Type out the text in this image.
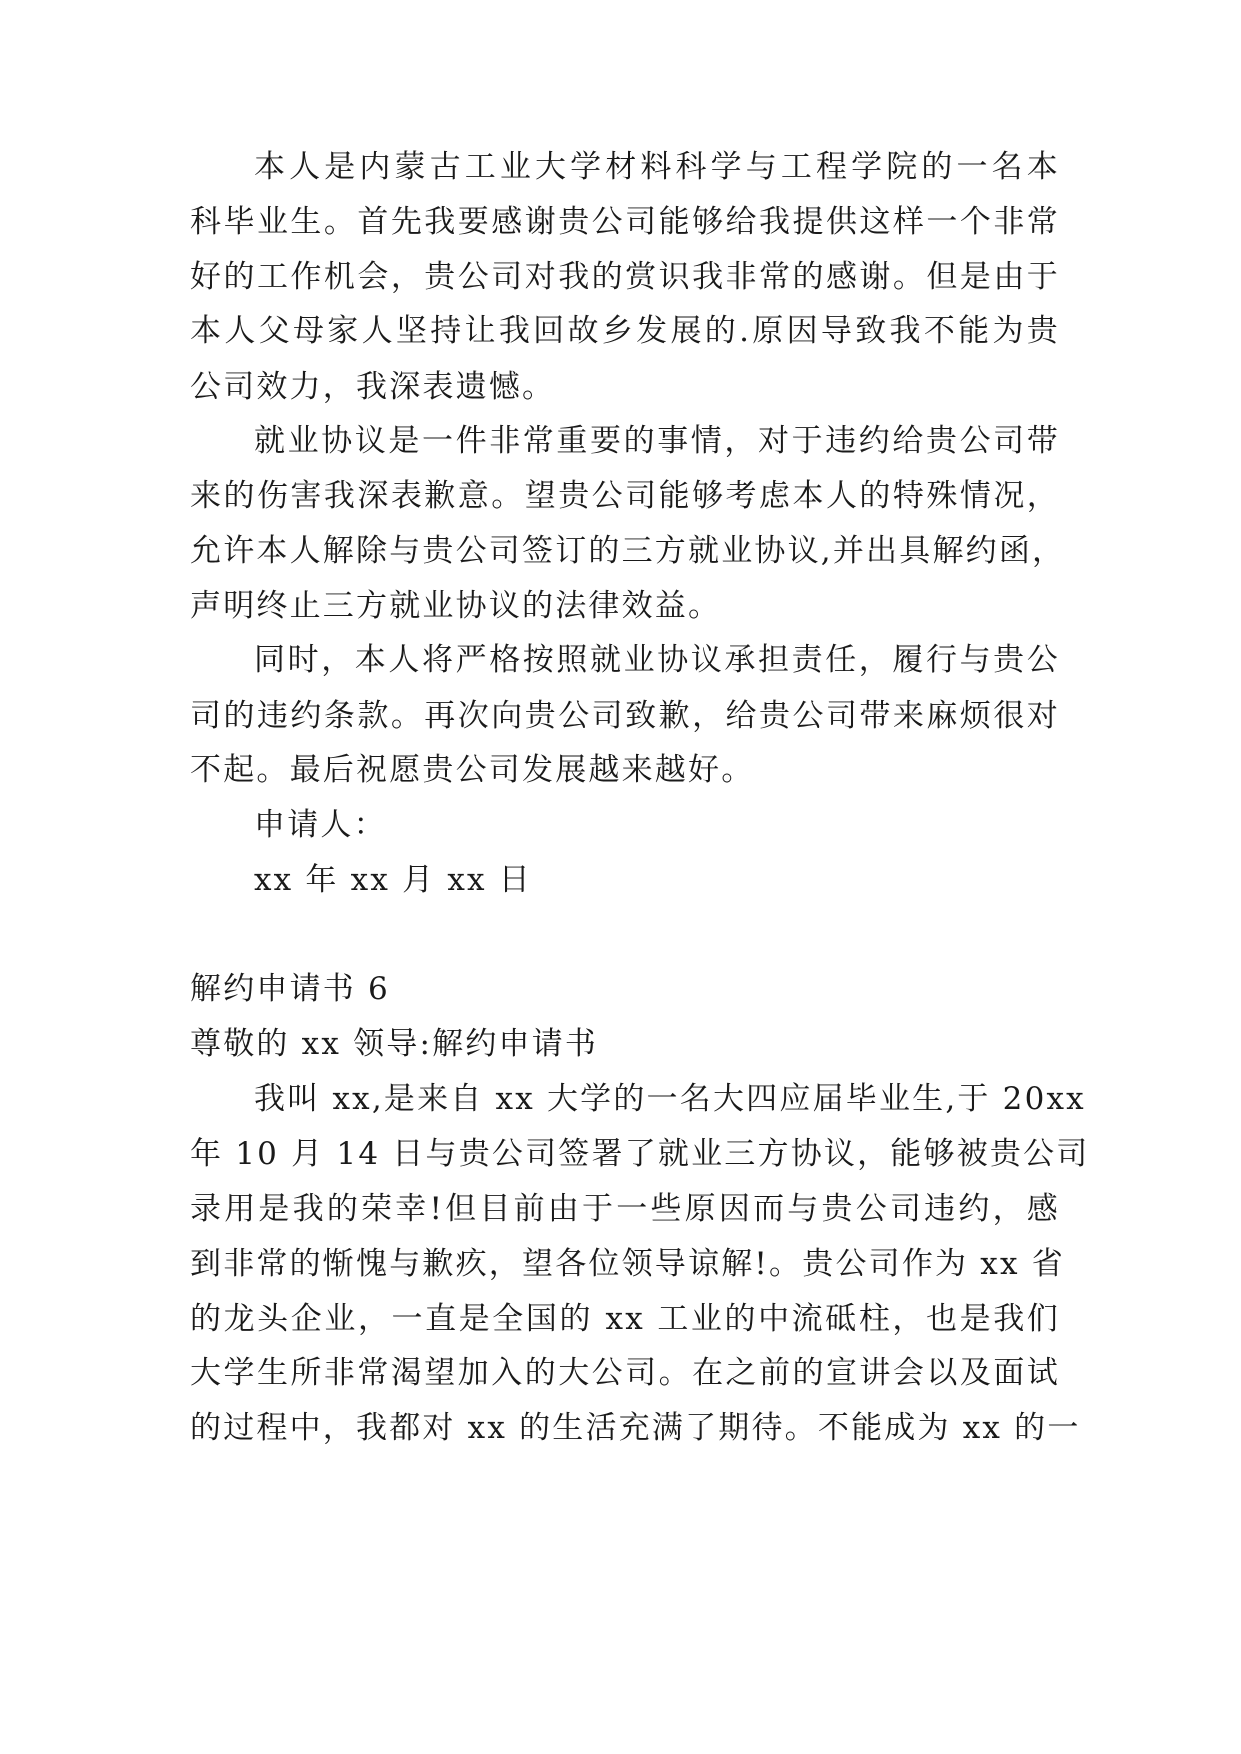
本人是内蒙古工业大学材料科学与工程学院的一名本
科毕业生。首先我要感谢贵公司能够给我提供这样一个非常
好的工作机会，贵公司对我的赏识我非常的感谢。但是由于
本人父母家人坚持让我回故乡发展的.原因导致我不能为贵
公司效力，我深表遗憾。
就业协议是一件非常重要的事情，对于违约给贵公司带
来的伤害我深表歉意。望贵公司能够考虑本人的特殊情况，
允许本人解除与贵公司签订的三方就业协议,并出具解约函，
声明终止三方就业协议的法律效益。
同时，本人将严格按照就业协议承担责任，履行与贵公
司的违约条款。再次向贵公司致歉，给贵公司带来麻烦很对
不起。最后祝愿贵公司发展越来越好。
申请人：
xx 年 xx 月 xx 日
解约申请书 6
尊敬的 xx 领导:解约申请书
我叫 xx,是来自 xx 大学的一名大四应届毕业生,于 20xx
年 10 月 14 日与贵公司签署了就业三方协议，能够被贵公司
录用是我的荣幸!但目前由于一些原因而与贵公司违约，感
到非常的惭愧与歉疚，望各位领导谅解!。贵公司作为 xx 省
的龙头企业，一直是全国的 xx 工业的中流砥柱，也是我们
大学生所非常渴望加入的大公司。在之前的宣讲会以及面试
的过程中，我都对 xx 的生活充满了期待。不能成为 xx 的一
